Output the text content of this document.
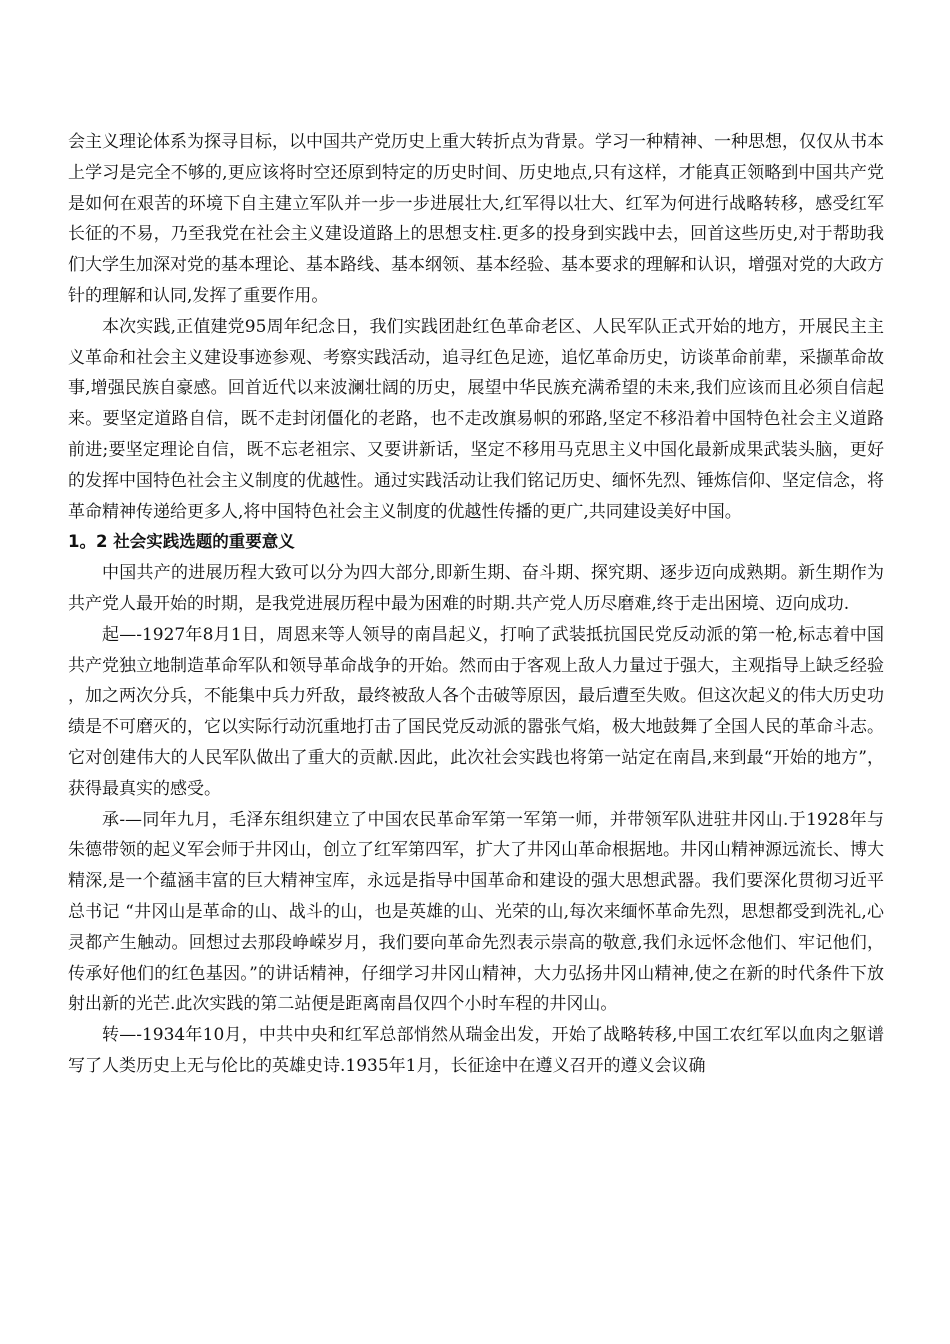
会主义理论体系为探寻目标，以中国共产党历史上重大转折点为背景。学习一种精神、一种思想，仅仅从书本上学习是完全不够的,更应该将时空还原到特定的历史时间、历史地点,只有这样，才能真正领略到中国共产党是如何在艰苦的环境下自主建立军队并一步一步进展壮大,红军得以壮大、红军为何进行战略转移，感受红军长征的不易，乃至我党在社会主义建设道路上的思想支柱.更多的投身到实践中去，回首这些历史,对于帮助我们大学生加深对党的基本理论、基本路线、基本纲领、基本经验、基本要求的理解和认识，增强对党的大政方针的理解和认同,发挥了重要作用。

本次实践,正值建党95周年纪念日，我们实践团赴红色革命老区、人民军队正式开始的地方，开展民主主义革命和社会主义建设事迹参观、考察实践活动，追寻红色足迹，追忆革命历史，访谈革命前辈，采撷革命故事,增强民族自豪感。回首近代以来波澜壮阔的历史，展望中华民族充满希望的未来,我们应该而且必须自信起来。要坚定道路自信，既不走封闭僵化的老路，也不走改旗易帜的邪路,坚定不移沿着中国特色社会主义道路前进;要坚定理论自信，既不忘老祖宗、又要讲新话，坚定不移用马克思主义中国化最新成果武装头脑，更好的发挥中国特色社会主义制度的优越性。通过实践活动让我们铭记历史、缅怀先烈、锤炼信仰、坚定信念，将革命精神传递给更多人,将中国特色社会主义制度的优越性传播的更广,共同建设美好中国。

1。2 社会实践选题的重要意义

中国共产的进展历程大致可以分为四大部分,即新生期、奋斗期、探究期、逐步迈向成熟期。新生期作为共产党人最开始的时期，是我党进展历程中最为困难的时期.共产党人历尽磨难,终于走出困境、迈向成功.

起—-1927年8月1日，周恩来等人领导的南昌起义，打响了武装抵抗国民党反动派的第一枪,标志着中国共产党独立地制造革命军队和领导革命战争的开始。然而由于客观上敌人力量过于强大，主观指导上缺乏经验，加之两次分兵，不能集中兵力歼敌，最终被敌人各个击破等原因，最后遭至失败。但这次起义的伟大历史功绩是不可磨灭的，它以实际行动沉重地打击了国民党反动派的嚣张气焰，极大地鼓舞了全国人民的革命斗志。它对创建伟大的人民军队做出了重大的贡献.因此，此次社会实践也将第一站定在南昌,来到最“开始的地方”，获得最真实的感受。

承-—同年九月，毛泽东组织建立了中国农民革命军第一军第一师，并带领军队进驻井冈山.于1928年与朱德带领的起义军会师于井冈山，创立了红军第四军，扩大了井冈山革命根据地。井冈山精神源远流长、博大精深,是一个蕴涵丰富的巨大精神宝库，永远是指导中国革命和建设的强大思想武器。我们要深化贯彻习近平总书记 “井冈山是革命的山、战斗的山，也是英雄的山、光荣的山,每次来缅怀革命先烈，思想都受到洗礼,心灵都产生触动。回想过去那段峥嵘岁月，我们要向革命先烈表示崇高的敬意,我们永远怀念他们、牢记他们，传承好他们的红色基因。”的讲话精神，仔细学习井冈山精神，大力弘扬井冈山精神,使之在新的时代条件下放射出新的光芒.此次实践的第二站便是距离南昌仅四个小时车程的井冈山。

转—-1934年10月，中共中央和红军总部悄然从瑞金出发，开始了战略转移,中国工农红军以血肉之躯谱写了人类历史上无与伦比的英雄史诗.1935年1月，长征途中在遵义召开的遵义会议确
